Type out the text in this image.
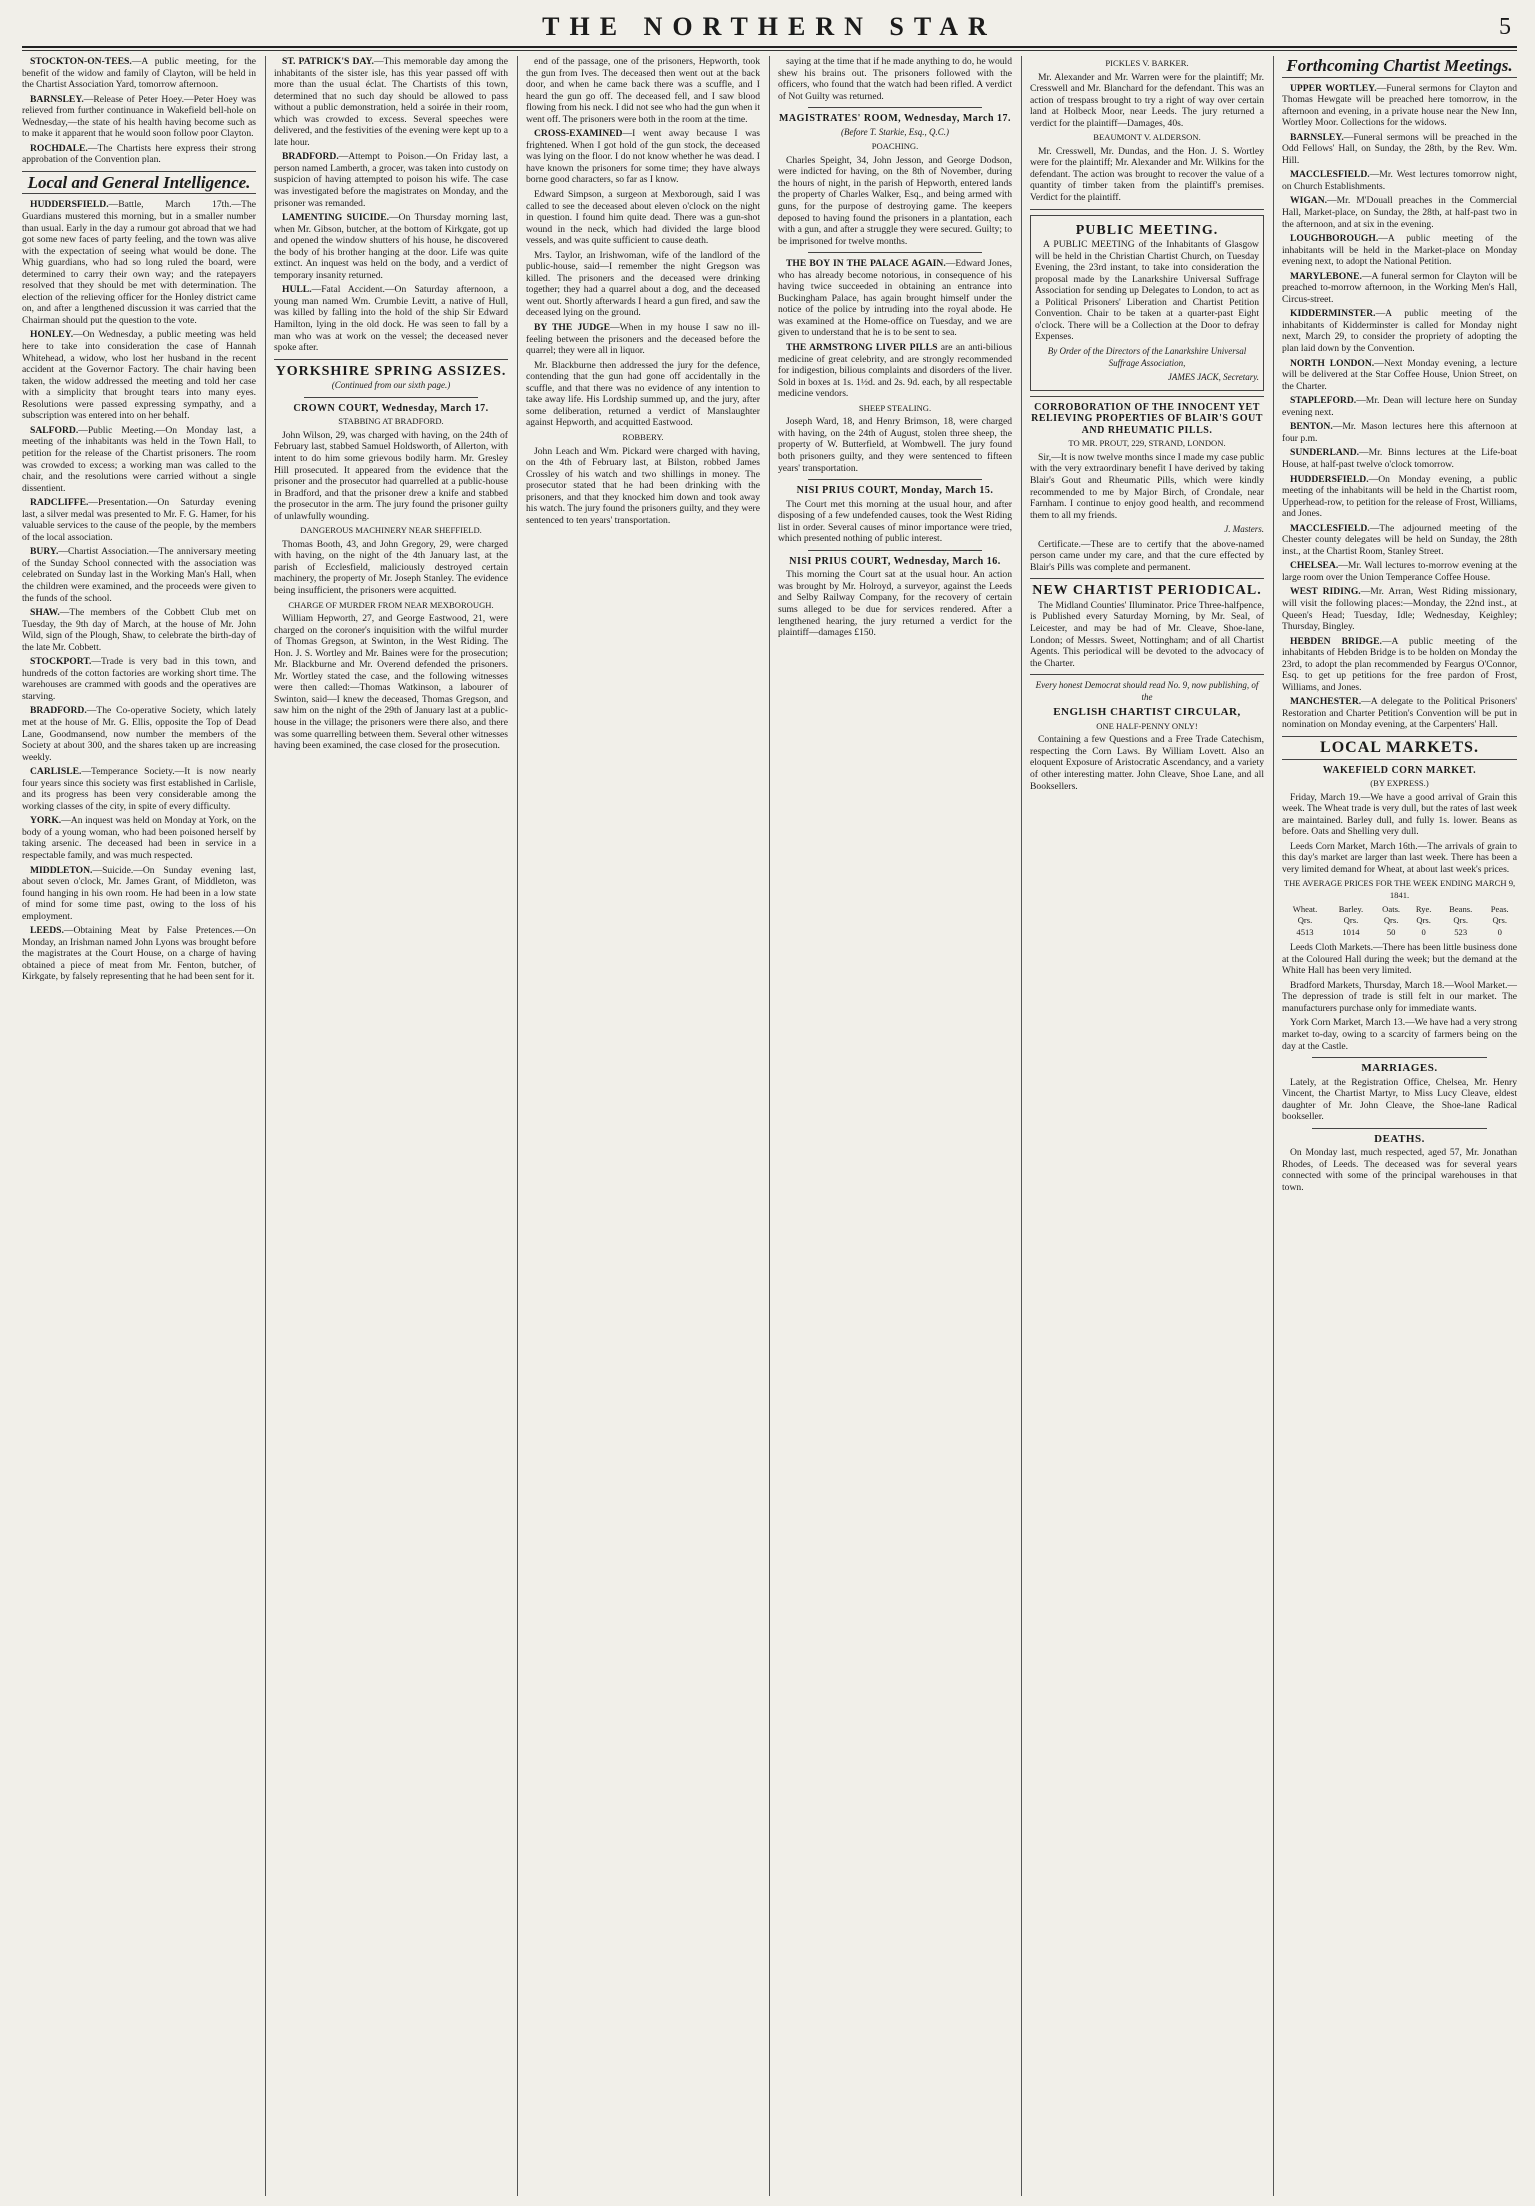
THE NORTHERN STAR	5

STOCKTON-ON-TEES.—A public meeting, for the benefit of the widow and family of Clayton, will be held in the Chartist Association Yard, tomorrow afternoon.

BARNSLEY.—Release of Peter Hoey.—Peter Hoey was relieved from further continuance in Wakefield bell-hole on Wednesday,—the state of his health having become such as to make it apparent that he would soon follow poor Clayton.

ROCHDALE.—The Chartists here express their strong approbation of the Convention plan.

Local and General Intelligence.

HUDDERSFIELD.—Battle, March 17th.—The Guardians mustered this morning, but in a smaller number than usual. Early in the day a rumour got abroad that we had got some new faces of party feeling, and the town was alive with the expectation of seeing what would be done. The Whig guardians, who had so long ruled the board, were determined to carry their own way; and the ratepayers resolved that they should be met with determination. The election of the relieving officer for the Honley district came on, and after a lengthened discussion it was carried that the Chairman should put the question to the vote.

HONLEY.—On Wednesday, a public meeting was held here to take into consideration the case of Hannah Whitehead, a widow, who lost her husband in the recent accident at the Governor Factory. The chair having been taken, the widow addressed the meeting and told her case with a simplicity that brought tears into many eyes. Resolutions were passed expressing sympathy, and a subscription was entered into on her behalf.

SALFORD.—Public Meeting.—On Monday last, a meeting of the inhabitants was held in the Town Hall, to petition for the release of the Chartist prisoners. The room was crowded to excess; a working man was called to the chair, and the resolutions were carried without a single dissentient.

RADCLIFFE.—Presentation.—On Saturday evening last, a silver medal was presented to Mr. F. G. Hamer, for his valuable services to the cause of the people, by the members of the local association.

BURY.—Chartist Association.—The anniversary meeting of the Sunday School connected with the association was celebrated on Sunday last in the Working Man's Hall, when the children were examined, and the proceeds were given to the funds of the school.

SHAW.—The members of the Cobbett Club met on Tuesday, the 9th day of March, at the house of Mr. John Wild, sign of the Plough, Shaw, to celebrate the birth-day of the late Mr. Cobbett.

STOCKPORT.—Trade is very bad in this town, and hundreds of the cotton factories are working short time. The warehouses are crammed with goods and the operatives are starving.

BRADFORD.—The Co-operative Society, which lately met at the house of Mr. G. Ellis, opposite the Top of Dead Lane, Goodmansend, now number the members of the Society at about 300, and the shares taken up are increasing weekly.

CARLISLE.—Temperance Society.—It is now nearly four years since this society was first established in Carlisle, and its progress has been very considerable among the working classes of the city, in spite of every difficulty.

YORK.—An inquest was held on Monday at York, on the body of a young woman, who had been poisoned herself by taking arsenic. The deceased had been in service in a respectable family, and was much respected.

MIDDLETON.—Suicide.—On Sunday evening last, about seven o'clock, Mr. James Grant, of Middleton, was found hanging in his own room. He had been in a low state of mind for some time past, owing to the loss of his employment.

LEEDS.—Obtaining Meat by False Pretences.—On Monday, an Irishman named John Lyons was brought before the magistrates at the Court House, on a charge of having obtained a piece of meat from Mr. Fenton, butcher, of Kirkgate, by falsely representing that he had been sent for it.

ST. PATRICK'S DAY.—This memorable day among the inhabitants of the sister isle, has this year passed off with more than the usual éclat. The Chartists of this town, determined that no such day should be allowed to pass without a public demonstration, held a soirée in their room, which was crowded to excess. Several speeches were delivered, and the festivities of the evening were kept up to a late hour.

BRADFORD.—Attempt to Poison.—On Friday last, a person named Lamberth, a grocer, was taken into custody on suspicion of having attempted to poison his wife. The case was investigated before the magistrates on Monday, and the prisoner was remanded.

LAMENTING SUICIDE.—On Thursday morning last, when Mr. Gibson, butcher, at the bottom of Kirkgate, got up and opened the window shutters of his house, he discovered the body of his brother hanging at the door. Life was quite extinct. An inquest was held on the body, and a verdict of temporary insanity returned.

HULL.—Fatal Accident.—On Saturday afternoon, a young man named Wm. Crumbie Levitt, a native of Hull, was killed by falling into the hold of the ship Sir Edward Hamilton, lying in the old dock. He was seen to fall by a man who was at work on the vessel; the deceased never spoke after.

YORKSHIRE SPRING ASSIZES.
(Continued from our sixth page.)
CROWN COURT, Wednesday, March 17.
STABBING AT BRADFORD.

John Wilson, 29, was charged with having, on the 24th of February last, stabbed Samuel Holdsworth, of Allerton, with intent to do him some grievous bodily harm. Mr. Gresley Hill prosecuted. It appeared from the evidence that the prisoner and the prosecutor had quarrelled at a public-house in Bradford, and that the prisoner drew a knife and stabbed the prosecutor in the arm. The jury found the prisoner guilty of unlawfully wounding.

DANGEROUS MACHINERY NEAR SHEFFIELD.

Thomas Booth, 43, and John Gregory, 29, were charged with having, on the night of the 4th January last, at the parish of Ecclesfield, maliciously destroyed certain machinery, the property of Mr. Joseph Stanley. The evidence being insufficient, the prisoners were acquitted.

CHARGE OF MURDER FROM NEAR MEXBOROUGH.

William Hepworth, 27, and George Eastwood, 21, were charged on the coroner's inquisition with the wilful murder of Thomas Gregson, at Swinton, in the West Riding. The Hon. J. S. Wortley and Mr. Baines were for the prosecution; Mr. Blackburne and Mr. Overend defended the prisoners. Mr. Wortley stated the case, and the following witnesses were then called:—Thomas Watkinson, a labourer of Swinton, said—I knew the deceased, Thomas Gregson, and saw him on the night of the 29th of January last at a public-house in the village; the prisoners were there also, and there was some quarrelling between them. Several other witnesses having been examined, the case closed for the prosecution.

end of the passage, one of the prisoners, Hepworth, took the gun from Ives. The deceased then went out at the back door, and when he came back there was a scuffle, and I heard the gun go off. The deceased fell, and I saw blood flowing from his neck. I did not see who had the gun when it went off. The prisoners were both in the room at the time.

CROSS-EXAMINED—I went away because I was frightened. When I got hold of the gun stock, the deceased was lying on the floor. I do not know whether he was dead. I have known the prisoners for some time; they have always borne good characters, so far as I know.

Edward Simpson, a surgeon at Mexborough, said I was called to see the deceased about eleven o'clock on the night in question. I found him quite dead. There was a gun-shot wound in the neck, which had divided the large blood vessels, and was quite sufficient to cause death.

Mrs. Taylor, an Irishwoman, wife of the landlord of the public-house, said—I remember the night Gregson was killed. The prisoners and the deceased were drinking together; they had a quarrel about a dog, and the deceased went out. Shortly afterwards I heard a gun fired, and saw the deceased lying on the ground.

BY THE JUDGE—When in my house I saw no ill-feeling between the prisoners and the deceased before the quarrel; they were all in liquor.

Mr. Blackburne then addressed the jury for the defence, contending that the gun had gone off accidentally in the scuffle, and that there was no evidence of any intention to take away life. His Lordship summed up, and the jury, after some deliberation, returned a verdict of Manslaughter against Hepworth, and acquitted Eastwood.

ROBBERY.

John Leach and Wm. Pickard were charged with having, on the 4th of February last, at Bilston, robbed James Crossley of his watch and two shillings in money. The prosecutor stated that he had been drinking with the prisoners, and that they knocked him down and took away his watch. The jury found the prisoners guilty, and they were sentenced to ten years' transportation.

saying at the time that if he made anything to do, he would shew his brains out. The prisoners followed with the officers, who found that the watch had been rifled. A verdict of Not Guilty was returned.

MAGISTRATES' ROOM, Wednesday, March 17.
(Before T. Starkie, Esq., Q.C.)
POACHING.

Charles Speight, 34, John Jesson, and George Dodson, were indicted for having, on the 8th of November, during the hours of night, in the parish of Hepworth, entered lands the property of Charles Walker, Esq., and being armed with guns, for the purpose of destroying game. The keepers deposed to having found the prisoners in a plantation, each with a gun, and after a struggle they were secured. Guilty; to be imprisoned for twelve months.

THE BOY IN THE PALACE AGAIN.—Edward Jones, who has already become notorious, in consequence of his having twice succeeded in obtaining an entrance into Buckingham Palace, has again brought himself under the notice of the police by intruding into the royal abode. He was examined at the Home-office on Tuesday, and we are given to understand that he is to be sent to sea.

THE ARMSTRONG LIVER PILLS are an anti-bilious medicine of great celebrity, and are strongly recommended for indigestion, bilious complaints and disorders of the liver. Sold in boxes at 1s. 1½d. and 2s. 9d. each, by all respectable medicine vendors.

SHEEP STEALING.

Joseph Ward, 18, and Henry Brimson, 18, were charged with having, on the 24th of August, stolen three sheep, the property of W. Butterfield, at Wombwell. The jury found both prisoners guilty, and they were sentenced to fifteen years' transportation.

NISI PRIUS COURT, Monday, March 15.

The Court met this morning at the usual hour, and after disposing of a few undefended causes, took the West Riding list in order. Several causes of minor importance were tried, which presented nothing of public interest.

NISI PRIUS COURT, Wednesday, March 16.

This morning the Court sat at the usual hour. An action was brought by Mr. Holroyd, a surveyor, against the Leeds and Selby Railway Company, for the recovery of certain sums alleged to be due for services rendered. After a lengthened hearing, the jury returned a verdict for the plaintiff—damages £150.

PICKLES V. BARKER.

Mr. Alexander and Mr. Warren were for the plaintiff; Mr. Cresswell and Mr. Blanchard for the defendant. This was an action of trespass brought to try a right of way over certain land at Holbeck Moor, near Leeds. The jury returned a verdict for the plaintiff—Damages, 40s.

BEAUMONT V. ALDERSON.

Mr. Cresswell, Mr. Dundas, and the Hon. J. S. Wortley were for the plaintiff; Mr. Alexander and Mr. Wilkins for the defendant. The action was brought to recover the value of a quantity of timber taken from the plaintiff's premises. Verdict for the plaintiff.

PUBLIC MEETING.

A PUBLIC MEETING of the Inhabitants of Glasgow will be held in the Christian Chartist Church, on Tuesday Evening, the 23rd instant, to take into consideration the proposal made by the Lanarkshire Universal Suffrage Association for sending up Delegates to London, to act as a Political Prisoners' Liberation and Chartist Petition Convention. Chair to be taken at a quarter-past Eight o'clock. There will be a Collection at the Door to defray Expenses.

By Order of the Directors of the Lanarkshire Universal Suffrage Association,
JAMES JACK, Secretary.
CORROBORATION OF THE INNOCENT YET RELIEVING PROPERTIES OF BLAIR'S GOUT AND RHEUMATIC PILLS.
TO MR. PROUT, 229, STRAND, LONDON.

Sir,—It is now twelve months since I made my case public with the very extraordinary benefit I have derived by taking Blair's Gout and Rheumatic Pills, which were kindly recommended to me by Major Birch, of Crondale, near Farnham. I continue to enjoy good health, and recommend them to all my friends.

J. Masters.

Certificate.—These are to certify that the above-named person came under my care, and that the cure effected by Blair's Pills was complete and permanent.

NEW CHARTIST PERIODICAL.

The Midland Counties' Illuminator. Price Three-halfpence, is Published every Saturday Morning, by Mr. Seal, of Leicester, and may be had of Mr. Cleave, Shoe-lane, London; of Messrs. Sweet, Nottingham; and of all Chartist Agents. This periodical will be devoted to the advocacy of the Charter.

Every honest Democrat should read No. 9, now publishing, of the
ENGLISH CHARTIST CIRCULAR,
ONE HALF-PENNY ONLY!

Containing a few Questions and a Free Trade Catechism, respecting the Corn Laws. By William Lovett. Also an eloquent Exposure of Aristocratic Ascendancy, and a variety of other interesting matter. John Cleave, Shoe Lane, and all Booksellers.

Forthcoming Chartist Meetings.

UPPER WORTLEY.—Funeral sermons for Clayton and Thomas Hewgate will be preached here tomorrow, in the afternoon and evening, in a private house near the New Inn, Wortley Moor. Collections for the widows.

BARNSLEY.—Funeral sermons will be preached in the Odd Fellows' Hall, on Sunday, the 28th, by the Rev. Wm. Hill.

MACCLESFIELD.—Mr. West lectures tomorrow night, on Church Establishments.

WIGAN.—Mr. M'Douall preaches in the Commercial Hall, Market-place, on Sunday, the 28th, at half-past two in the afternoon, and at six in the evening.

LOUGHBOROUGH.—A public meeting of the inhabitants will be held in the Market-place on Monday evening next, to adopt the National Petition.

MARYLEBONE.—A funeral sermon for Clayton will be preached to-morrow afternoon, in the Working Men's Hall, Circus-street.

KIDDERMINSTER.—A public meeting of the inhabitants of Kidderminster is called for Monday night next, March 29, to consider the propriety of adopting the plan laid down by the Convention.

NORTH LONDON.—Next Monday evening, a lecture will be delivered at the Star Coffee House, Union Street, on the Charter.

STAPLEFORD.—Mr. Dean will lecture here on Sunday evening next.

BENTON.—Mr. Mason lectures here this afternoon at four p.m.

SUNDERLAND.—Mr. Binns lectures at the Life-boat House, at half-past twelve o'clock tomorrow.

HUDDERSFIELD.—On Monday evening, a public meeting of the inhabitants will be held in the Chartist room, Upperhead-row, to petition for the release of Frost, Williams, and Jones.

MACCLESFIELD.—The adjourned meeting of the Chester county delegates will be held on Sunday, the 28th inst., at the Chartist Room, Stanley Street.

CHELSEA.—Mr. Wall lectures to-morrow evening at the large room over the Union Temperance Coffee House.

WEST RIDING.—Mr. Arran, West Riding missionary, will visit the following places:—Monday, the 22nd inst., at Queen's Head; Tuesday, Idle; Wednesday, Keighley; Thursday, Bingley.

HEBDEN BRIDGE.—A public meeting of the inhabitants of Hebden Bridge is to be holden on Monday the 23rd, to adopt the plan recommended by Feargus O'Connor, Esq. to get up petitions for the free pardon of Frost, Williams, and Jones.

MANCHESTER.—A delegate to the Political Prisoners' Restoration and Charter Petition's Convention will be put in nomination on Monday evening, at the Carpenters' Hall.

LOCAL MARKETS.
WAKEFIELD CORN MARKET.
(BY EXPRESS.)

Friday, March 19.—We have a good arrival of Grain this week. The Wheat trade is very dull, but the rates of last week are maintained. Barley dull, and fully 1s. lower. Beans as before. Oats and Shelling very dull.

Leeds Corn Market, March 16th.—The arrivals of grain to this day's market are larger than last week. There has been a very limited demand for Wheat, at about last week's prices.

THE AVERAGE PRICES FOR THE WEEK ENDING MARCH 9, 1841.
Wheat.	Barley.	Oats.	Rye.	Beans.	Peas.
Qrs.	Qrs.	Qrs.	Qrs.	Qrs.	Qrs.
4513	1014	50	0	523	0

Leeds Cloth Markets.—There has been little business done at the Coloured Hall during the week; but the demand at the White Hall has been very limited.

Bradford Markets, Thursday, March 18.—Wool Market.—The depression of trade is still felt in our market. The manufacturers purchase only for immediate wants.

York Corn Market, March 13.—We have had a very strong market to-day, owing to a scarcity of farmers being on the day at the Castle.

MARRIAGES.

Lately, at the Registration Office, Chelsea, Mr. Henry Vincent, the Chartist Martyr, to Miss Lucy Cleave, eldest daughter of Mr. John Cleave, the Shoe-lane Radical bookseller.

DEATHS.

On Monday last, much respected, aged 57, Mr. Jonathan Rhodes, of Leeds. The deceased was for several years connected with some of the principal warehouses in that town.
